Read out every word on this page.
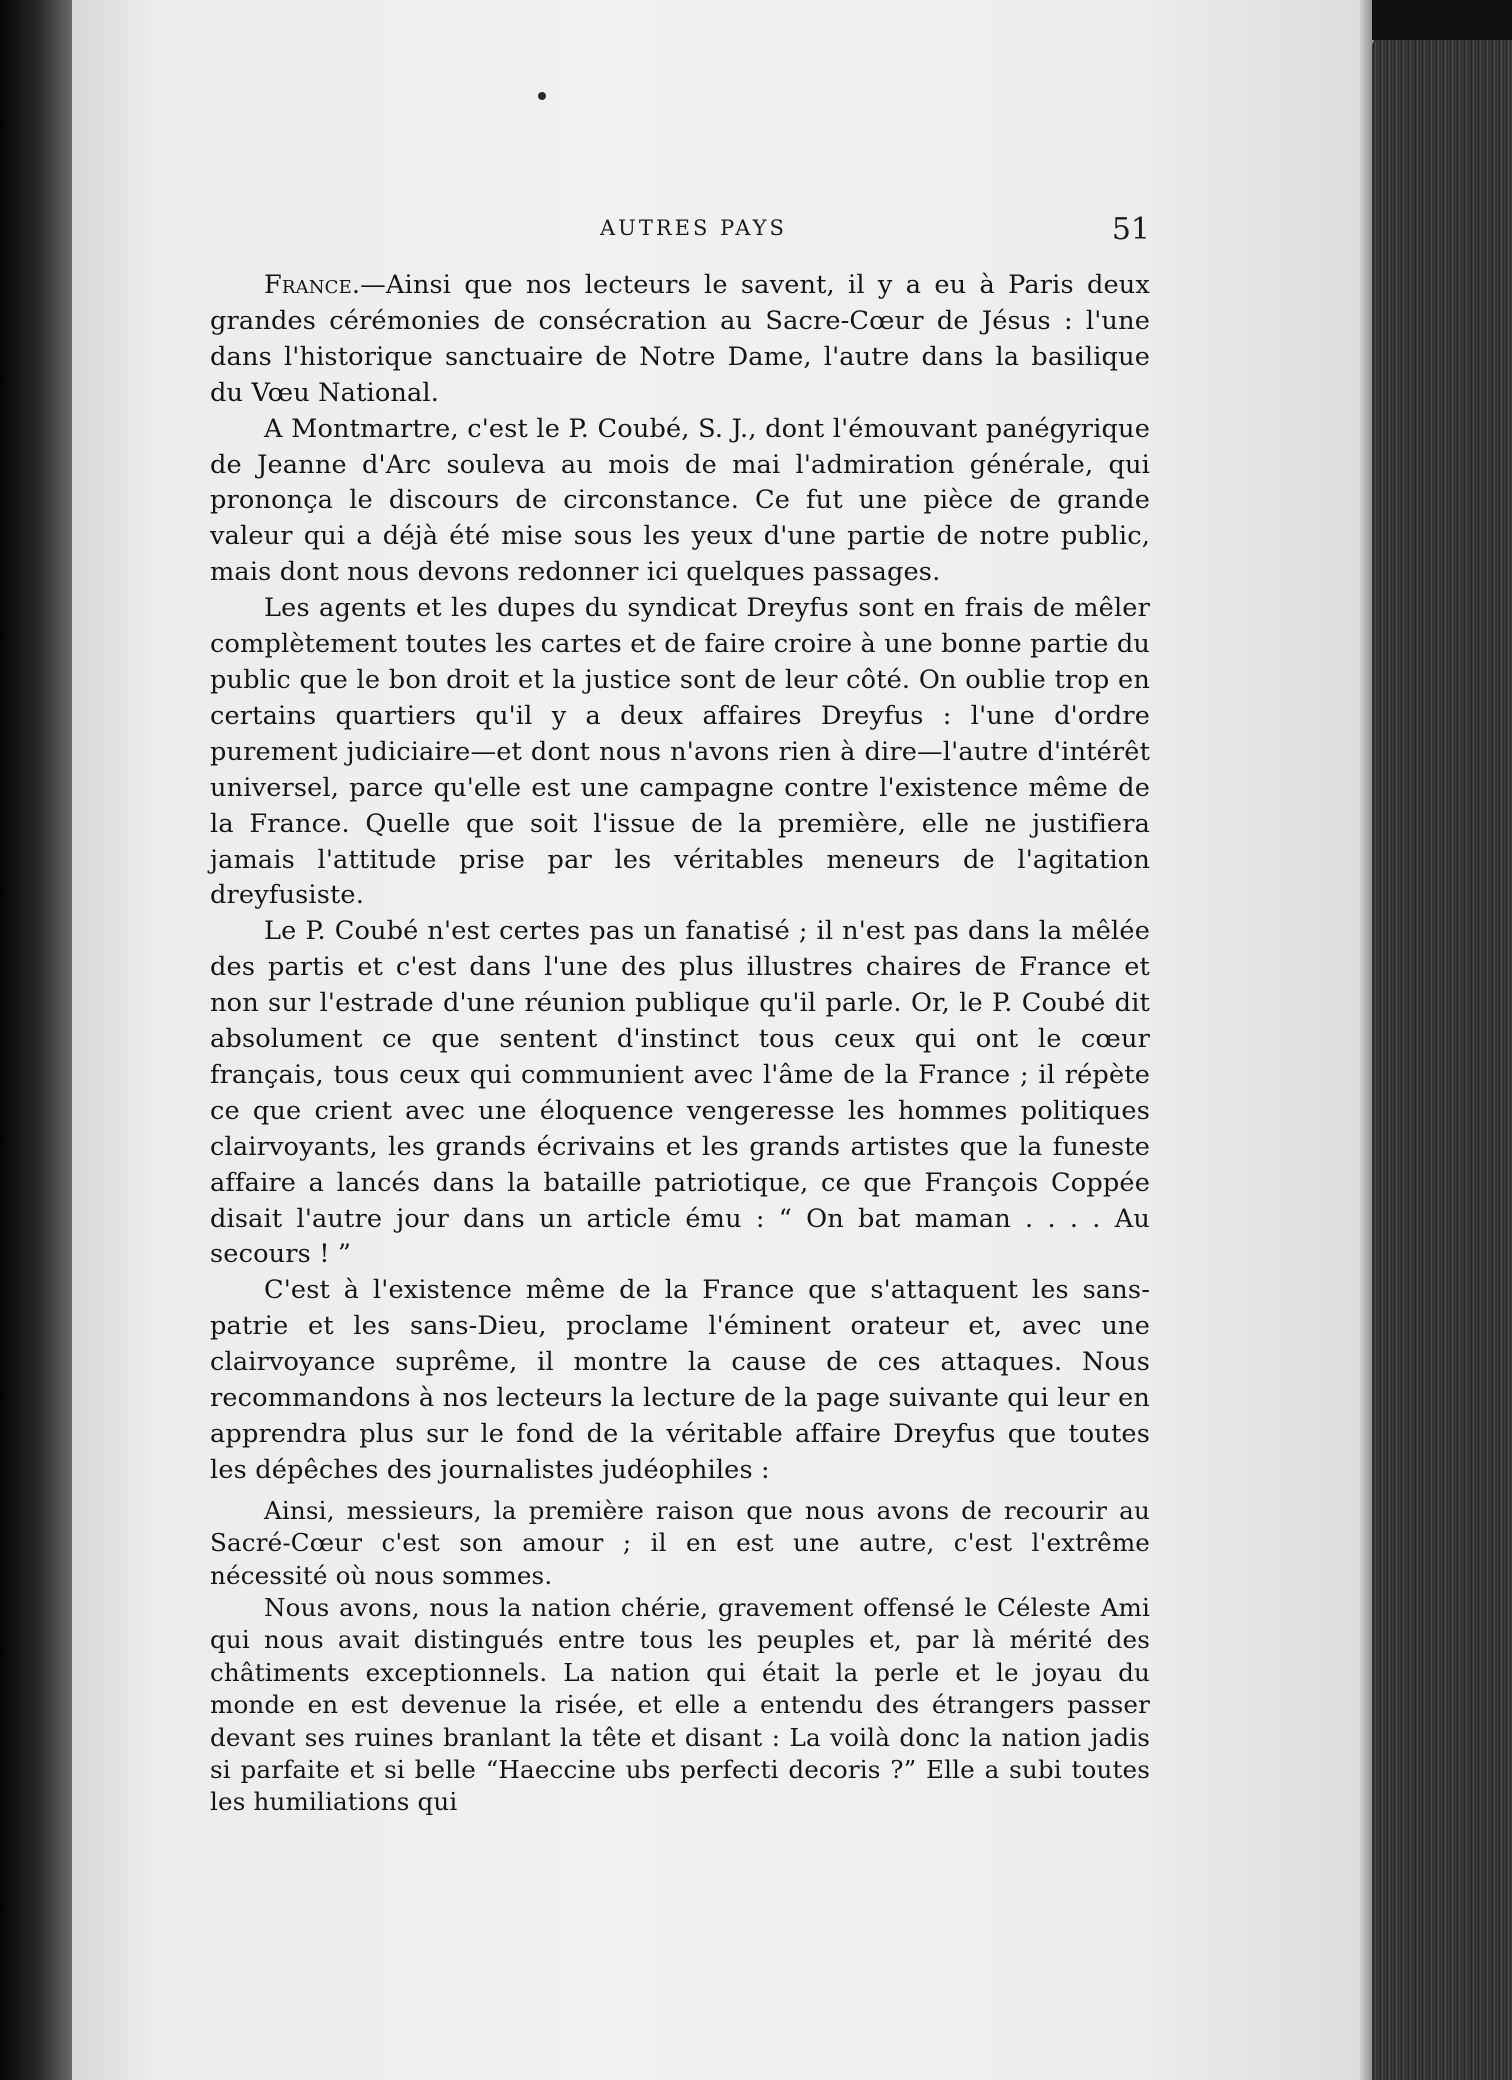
AUTRES PAYS	51

France.—Ainsi que nos lecteurs le savent, il y a eu à Paris deux grandes cérémonies de consécration au Sacre-Cœur de Jésus : l'une dans l'historique sanctuaire de Notre Dame, l'autre dans la basilique du Vœu National.

A Montmartre, c'est le P. Coubé, S. J., dont l'émouvant panégyrique de Jeanne d'Arc souleva au mois de mai l'admiration générale, qui prononça le discours de circonstance. Ce fut une pièce de grande valeur qui a déjà été mise sous les yeux d'une partie de notre public, mais dont nous devons redonner ici quelques passages.

Les agents et les dupes du syndicat Dreyfus sont en frais de mêler complètement toutes les cartes et de faire croire à une bonne partie du public que le bon droit et la justice sont de leur côté. On oublie trop en certains quartiers qu'il y a deux affaires Dreyfus : l'une d'ordre purement judiciaire—et dont nous n'avons rien à dire—l'autre d'intérêt universel, parce qu'elle est une campagne contre l'existence même de la France. Quelle que soit l'issue de la première, elle ne justifiera jamais l'attitude prise par les véritables meneurs de l'agitation dreyfusiste.

Le P. Coubé n'est certes pas un fanatisé ; il n'est pas dans la mêlée des partis et c'est dans l'une des plus illustres chaires de France et non sur l'estrade d'une réunion publique qu'il parle. Or, le P. Coubé dit absolument ce que sentent d'instinct tous ceux qui ont le cœur français, tous ceux qui communient avec l'âme de la France ; il répète ce que crient avec une éloquence vengeresse les hommes politiques clairvoyants, les grands écrivains et les grands artistes que la funeste affaire a lancés dans la bataille patriotique, ce que François Coppée disait l'autre jour dans un article ému : “ On bat maman . . . . Au secours ! ”

C'est à l'existence même de la France que s'attaquent les sans-patrie et les sans-Dieu, proclame l'éminent orateur et, avec une clairvoyance suprême, il montre la cause de ces attaques. Nous recommandons à nos lecteurs la lecture de la page suivante qui leur en apprendra plus sur le fond de la véritable affaire Dreyfus que toutes les dépêches des journalistes judéophiles :

Ainsi, messieurs, la première raison que nous avons de recourir au Sacré-Cœur c'est son amour ; il en est une autre, c'est l'extrême nécessité où nous sommes.

Nous avons, nous la nation chérie, gravement offensé le Céleste Ami qui nous avait distingués entre tous les peuples et, par là mérité des châtiments exceptionnels. La nation qui était la perle et le joyau du monde en est devenue la risée, et elle a entendu des étrangers passer devant ses ruines branlant la tête et disant : La voilà donc la nation jadis si parfaite et si belle “Haeccine ubs perfecti decoris ?” Elle a subi toutes les humiliations qui
